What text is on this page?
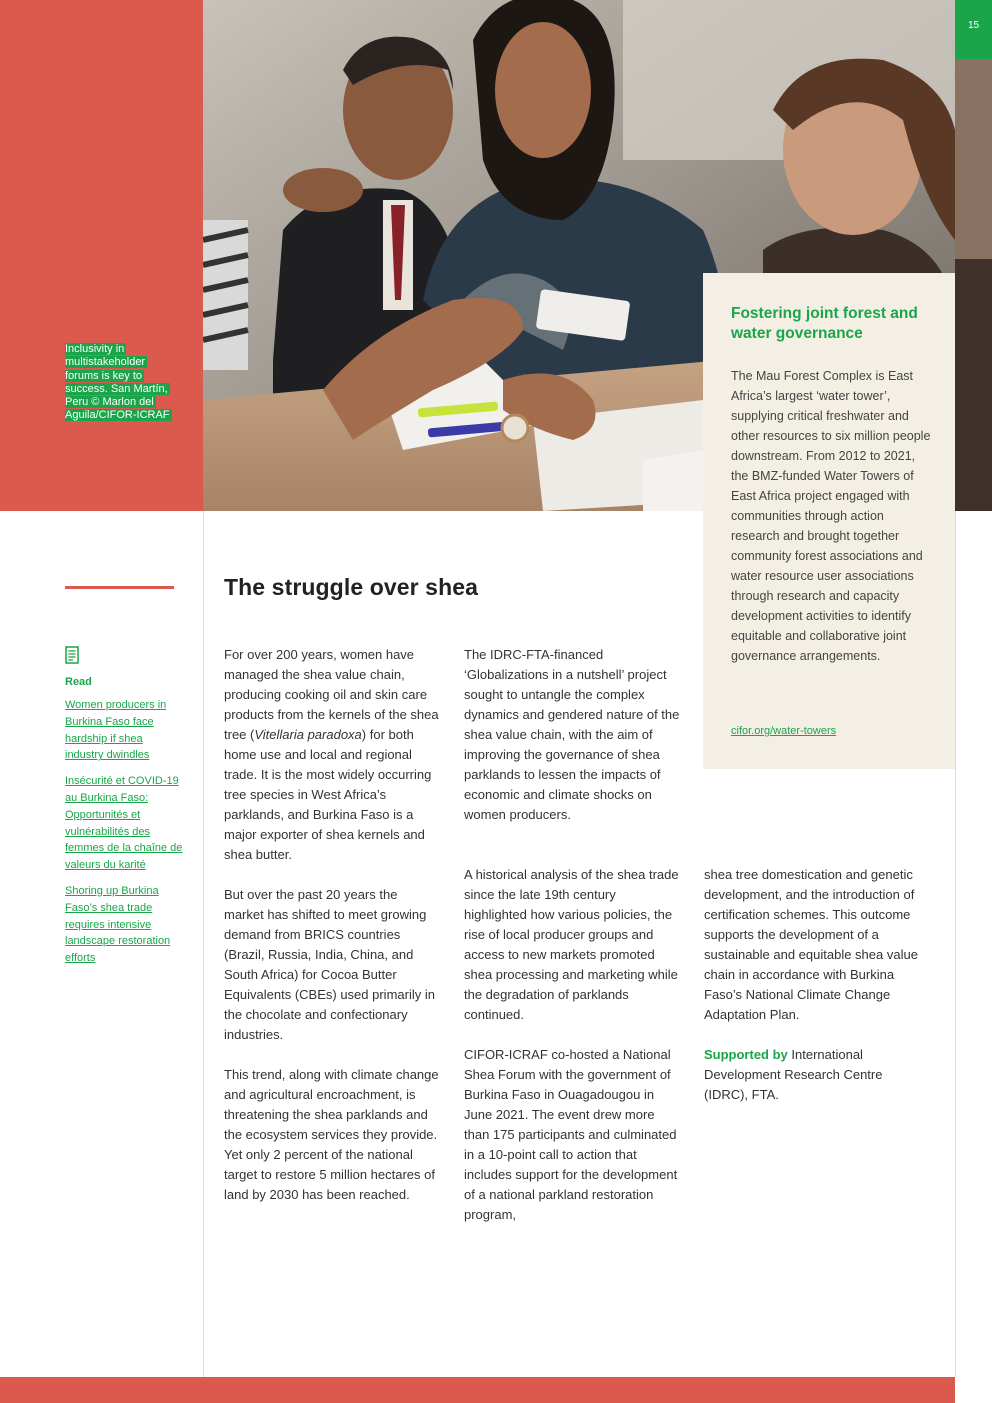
15
Inclusivity in multistakeholder forums is key to success. San Martín, Peru © Marlon del Aguila/CIFOR-ICRAF
Read
Women producers in Burkina Faso face hardship if shea industry dwindles
Insécurité et COVID-19 au Burkina Faso: Opportunités et vulnérabilités des femmes de la chaîne de valeurs du karité
Shoring up Burkina Faso’s shea trade requires intensive landscape restoration efforts
The struggle over shea

For over 200 years, women have managed the shea value chain, producing cooking oil and skin care products from the kernels of the shea tree (Vitellaria paradoxa) for both home use and local and regional trade. It is the most widely occurring tree species in West Africa’s parklands, and Burkina Faso is a major exporter of shea kernels and shea butter.

But over the past 20 years the market has shifted to meet growing demand from BRICS countries (Brazil, Russia, India, China, and South Africa) for Cocoa Butter Equivalents (CBEs) used primarily in the chocolate and confectionary industries.

This trend, along with climate change and agricultural encroachment, is threatening the shea parklands and the ecosystem services they provide. Yet only 2 percent of the national target to restore 5 million hectares of land by 2030 has been reached.

The IDRC-FTA-financed ‘Globalizations in a nutshell’ project sought to untangle the complex dynamics and gendered nature of the shea value chain, with the aim of improving the governance of shea parklands to lessen the impacts of economic and climate shocks on women producers.

A historical analysis of the shea trade since the late 19th century highlighted how various policies, the rise of local producer groups and access to new markets promoted shea processing and marketing while the degradation of parklands continued.

CIFOR-ICRAF co-hosted a National Shea Forum with the government of Burkina Faso in Ouagadougou in June 2021. The event drew more than 175 participants and culminated in a 10-point call to action that includes support for the development of a national parkland restoration program,

shea tree domestication and genetic development, and the introduction of certification schemes. This outcome supports the development of a sustainable and equitable shea value chain in accordance with Burkina Faso’s National Climate Change Adaptation Plan.

Supported by International Development Research Centre (IDRC), FTA.

Fostering joint forest and water governance
The Mau Forest Complex is East Africa’s largest ‘water tower’, supplying critical freshwater and other resources to six million people downstream. From 2012 to 2021, the BMZ-funded Water Towers of East Africa project engaged with communities through action research and brought together community forest associations and water resource user associations through research and capacity development activities to identify equitable and collaborative joint governance arrangements.
cifor.org/water-towers
